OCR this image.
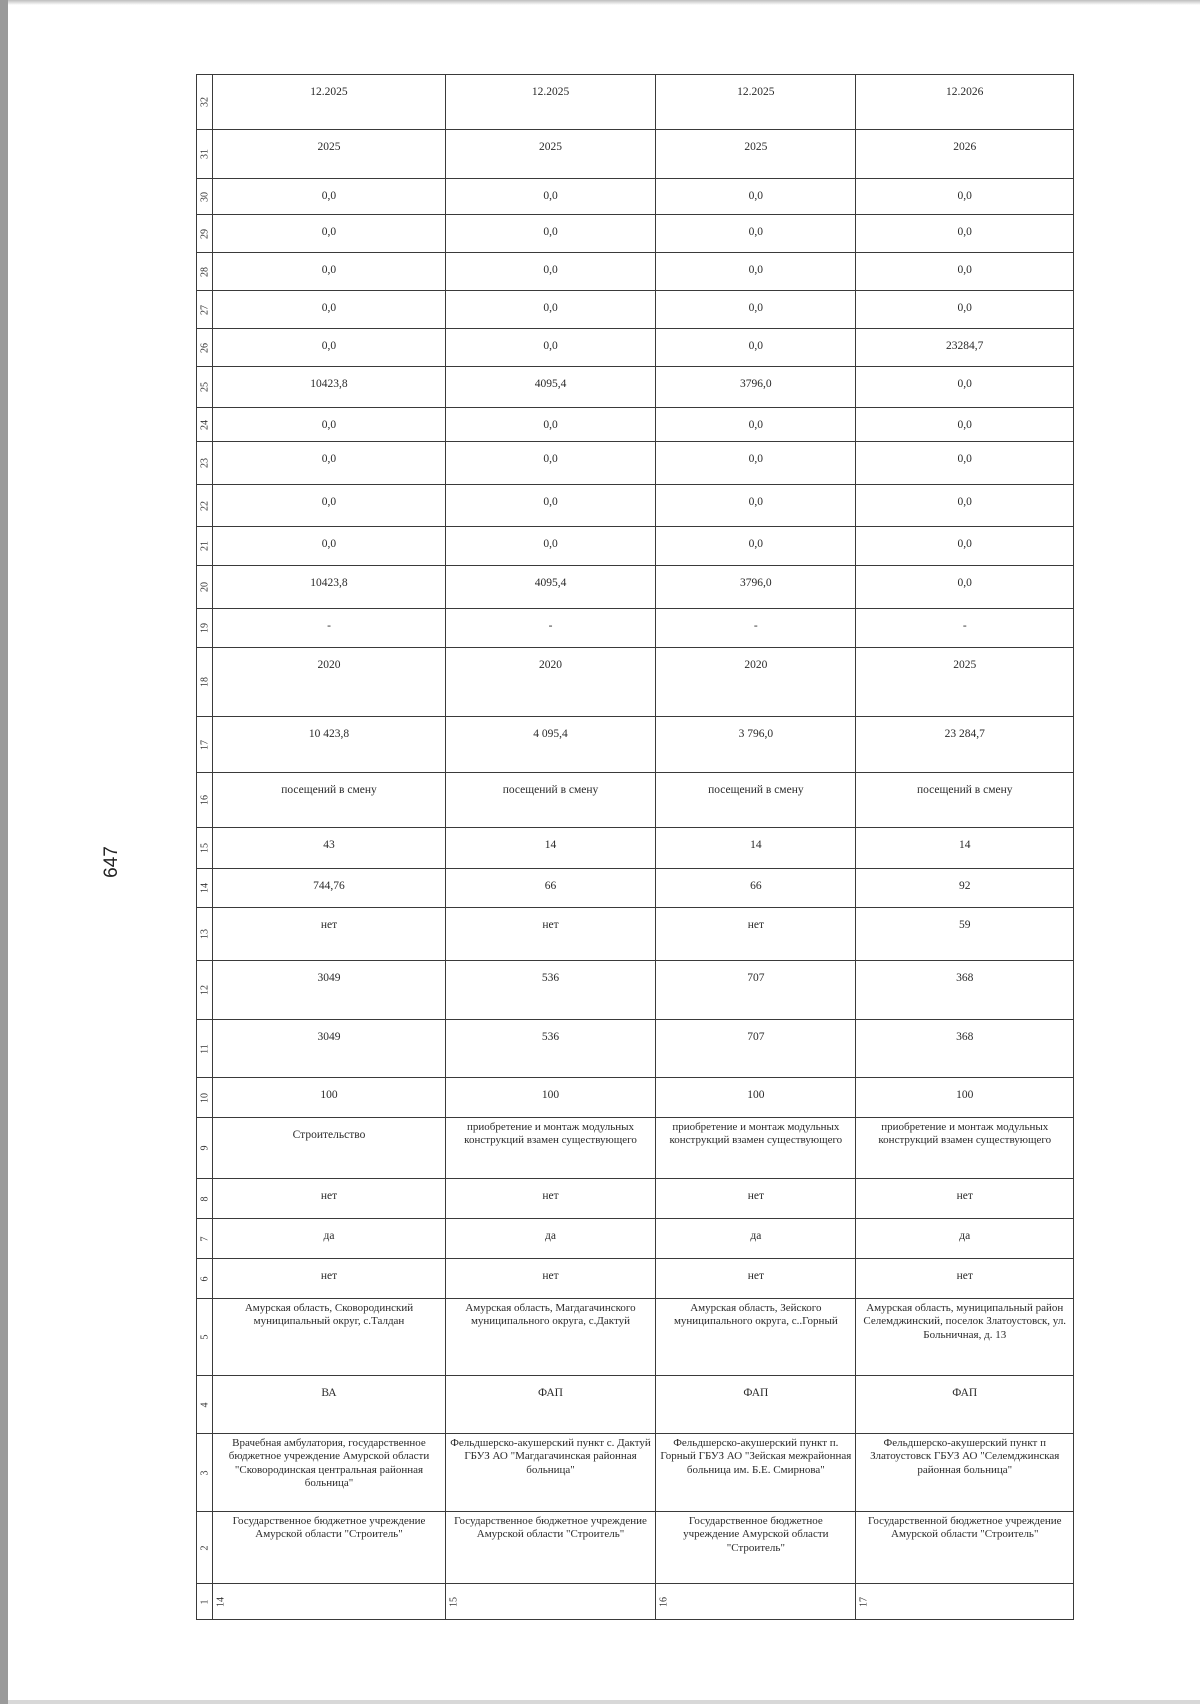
647
32	12.2025	12.2025	12.2025	12.2026

31	2025	2025	2025	2026

30	0,0	0,0	0,0	0,0

29	0,0	0,0	0,0	0,0

28	0,0	0,0	0,0	0,0

27	0,0	0,0	0,0	0,0

26	0,0	0,0	0,0	23284,7

25	10423,8	4095,4	3796,0	0,0

24	0,0	0,0	0,0	0,0

23	0,0	0,0	0,0	0,0

22	0,0	0,0	0,0	0,0

21	0,0	0,0	0,0	0,0

20	10423,8	4095,4	3796,0	0,0

19	-	-	-	-

18	2020	2020	2020	2025

17	10 423,8	4 095,4	3 796,0	23 284,7

16	посещений в смену	посещений в смену	посещений в смену	посещений в смену

15	43	14	14	14

14	744,76	66	66	92

13	нет	нет	нет	59

12	3049	536	707	368

11	3049	536	707	368

10	100	100	100	100

9	Строительство	приобретение и монтаж модульных конструкций взамен существующего	приобретение и монтаж модульных конструкций взамен существующего	приобретение и монтаж модульных конструкций взамен существующего

8	нет	нет	нет	нет

7	да	да	да	да

6	нет	нет	нет	нет

5	Амурская область, Сковородинский муниципальный округ, с.Талдан	Амурская область, Магдагачинского муниципального округа, с.Дактуй	Амурская область, Зейского муниципального округа, с..Горный	Амурская область, муниципальный район Селемджинский, поселок Златоустовск, ул. Больничная, д. 13

4	ВА	ФАП	ФАП	ФАП

3	Врачебная амбулатория, государственное бюджетное учреждение Амурской области "Сковородинская центральная районная больница"	Фельдшерско-акушерский пункт с. Дактуй ГБУЗ АО "Магдагачинская районная больница"	Фельдшерско-акушерский пункт п. Горный ГБУЗ АО "Зейская межрайонная больница им. Б.Е. Смирнова"	Фельдшерско-акушерский пункт п Златоустовск ГБУЗ АО "Селемджинская районная больница"

2	Государственное бюджетное учреждение Амурской области "Строитель"	Государственное бюджетное учреждение Амурской области "Строитель"	Государственное бюджетное учреждение Амурской области "Строитель"	Государственной бюджетное учреждение Амурской области "Строитель"

1	14	15	16	17
